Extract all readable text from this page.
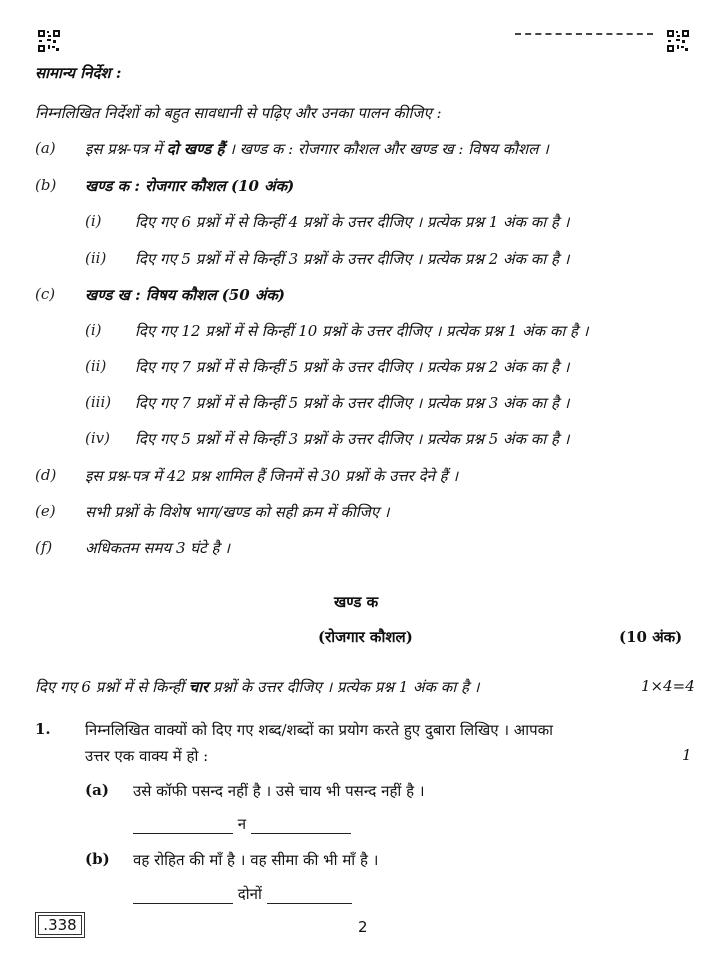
सामान्य निर्देश :
निम्नलिखित निर्देशों को बहुत सावधानी से पढ़िए और उनका पालन कीजिए :
(a) इस प्रश्न-पत्र में दो खण्ड हैं । खण्ड क : रोजगार कौशल और खण्ड ख : विषय कौशल ।
(b) खण्ड क : रोजगार कौशल (10 अंक)
(i) दिए गए 6 प्रश्नों में से किन्हीं 4 प्रश्नों के उत्तर दीजिए । प्रत्येक प्रश्न 1 अंक का है ।
(ii) दिए गए 5 प्रश्नों में से किन्हीं 3 प्रश्नों के उत्तर दीजिए । प्रत्येक प्रश्न 2 अंक का है ।
(c) खण्ड ख : विषय कौशल (50 अंक)
(i) दिए गए 12 प्रश्नों में से किन्हीं 10 प्रश्नों के उत्तर दीजिए । प्रत्येक प्रश्न 1 अंक का है ।
(ii) दिए गए 7 प्रश्नों में से किन्हीं 5 प्रश्नों के उत्तर दीजिए । प्रत्येक प्रश्न 2 अंक का है ।
(iii) दिए गए 7 प्रश्नों में से किन्हीं 5 प्रश्नों के उत्तर दीजिए । प्रत्येक प्रश्न 3 अंक का है ।
(iv) दिए गए 5 प्रश्नों में से किन्हीं 3 प्रश्नों के उत्तर दीजिए । प्रत्येक प्रश्न 5 अंक का है ।
(d) इस प्रश्न-पत्र में 42 प्रश्न शामिल हैं जिनमें से 30 प्रश्नों के उत्तर देने हैं ।
(e) सभी प्रश्नों के विशेष भाग/खण्ड को सही क्रम में कीजिए ।
(f) अधिकतम समय 3 घंटे है ।
खण्ड क
(रोजगार कौशल)	(10 अंक)
दिए गए 6 प्रश्नों में से किन्हीं चार प्रश्नों के उत्तर दीजिए । प्रत्येक प्रश्न 1 अंक का है ।	1×4=4
1. निम्नलिखित वाक्यों को दिए गए शब्द/शब्दों का प्रयोग करते हुए दुबारा लिखिए । आपका
उत्तर एक वाक्य में हो :	1
(a) उसे कॉफी पसन्द नहीं है । उसे चाय भी पसन्द नहीं है ।
न
(b) वह रोहित की माँ है । वह सीमा की भी माँ है ।
दोनों
.338	2
